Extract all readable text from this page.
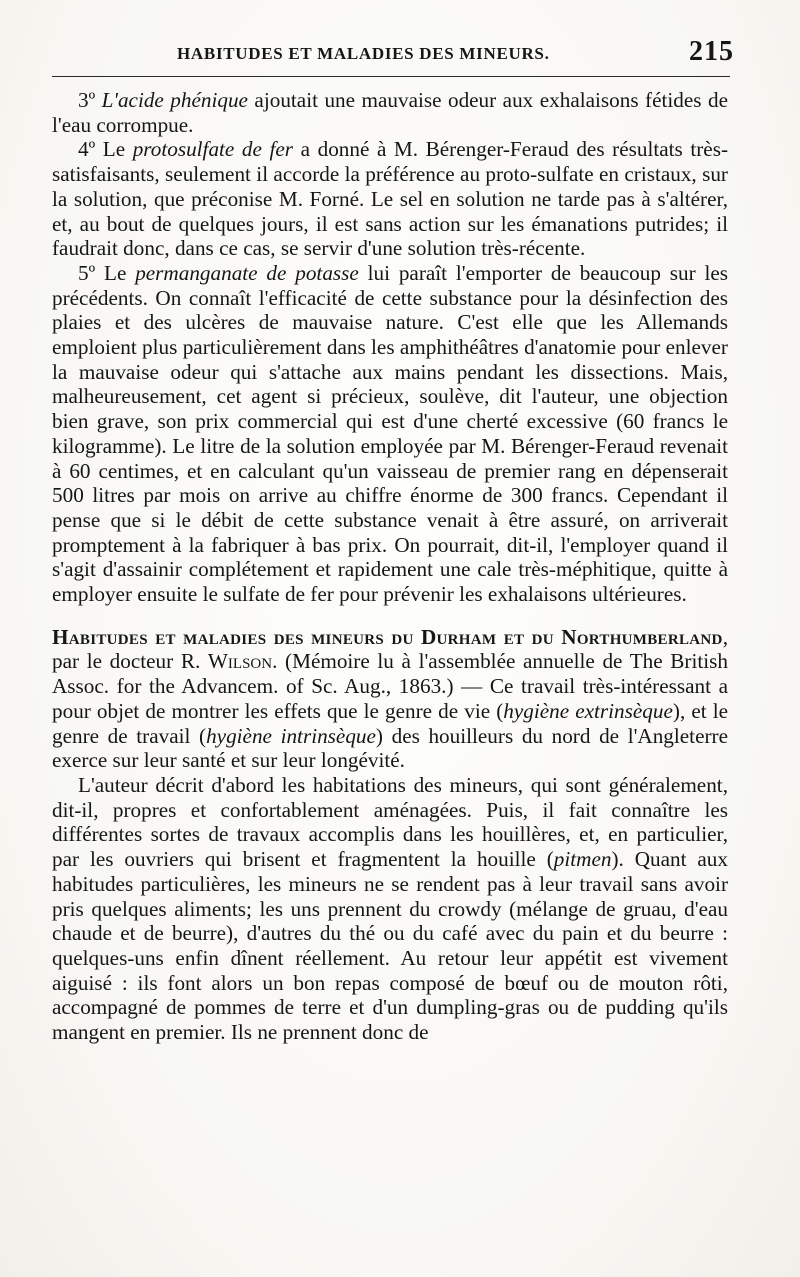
HABITUDES ET MALADIES DES MINEURS.	215

3º L'acide phénique ajoutait une mauvaise odeur aux exhalaisons fétides de l'eau corrompue.

4º Le protosulfate de fer a donné à M. Bérenger-Feraud des résultats très-satisfaisants, seulement il accorde la préférence au proto-sulfate en cristaux, sur la solution, que préconise M. Forné. Le sel en solution ne tarde pas à s'altérer, et, au bout de quelques jours, il est sans action sur les émanations putrides; il faudrait donc, dans ce cas, se servir d'une solution très-récente.

5º Le permanganate de potasse lui paraît l'emporter de beaucoup sur les précédents. On connaît l'efficacité de cette substance pour la désinfection des plaies et des ulcères de mauvaise nature. C'est elle que les Allemands emploient plus particulièrement dans les amphithéâtres d'anatomie pour enlever la mauvaise odeur qui s'attache aux mains pendant les dissections. Mais, malheureusement, cet agent si précieux, soulève, dit l'auteur, une objection bien grave, son prix commercial qui est d'une cherté excessive (60 francs le kilogramme). Le litre de la solution employée par M. Bérenger-Feraud revenait à 60 centimes, et en calculant qu'un vaisseau de premier rang en dépenserait 500 litres par mois on arrive au chiffre énorme de 300 francs. Cependant il pense que si le débit de cette substance venait à être assuré, on arriverait promptement à la fabriquer à bas prix. On pourrait, dit-il, l'employer quand il s'agit d'assainir complétement et rapidement une cale très-méphitique, quitte à employer ensuite le sulfate de fer pour prévenir les exhalaisons ultérieures.

Habitudes et maladies des mineurs du Durham et du Northumberland, par le docteur R. Wilson. (Mémoire lu à l'assemblée annuelle de The British Assoc. for the Advancem. of Sc. Aug., 1863.) — Ce travail très-intéressant a pour objet de montrer les effets que le genre de vie (hygiène extrinsèque), et le genre de travail (hygiène intrinsèque) des houilleurs du nord de l'Angleterre exerce sur leur santé et sur leur longévité.

L'auteur décrit d'abord les habitations des mineurs, qui sont généralement, dit-il, propres et confortablement aménagées. Puis, il fait connaître les différentes sortes de travaux accomplis dans les houillères, et, en particulier, par les ouvriers qui brisent et fragmentent la houille (pitmen). Quant aux habitudes particulières, les mineurs ne se rendent pas à leur travail sans avoir pris quelques aliments; les uns prennent du crowdy (mélange de gruau, d'eau chaude et de beurre), d'autres du thé ou du café avec du pain et du beurre : quelques-uns enfin dînent réellement. Au retour leur appétit est vivement aiguisé : ils font alors un bon repas composé de bœuf ou de mouton rôti, accompagné de pommes de terre et d'un dumpling-gras ou de pudding qu'ils mangent en premier. Ils ne prennent donc de
